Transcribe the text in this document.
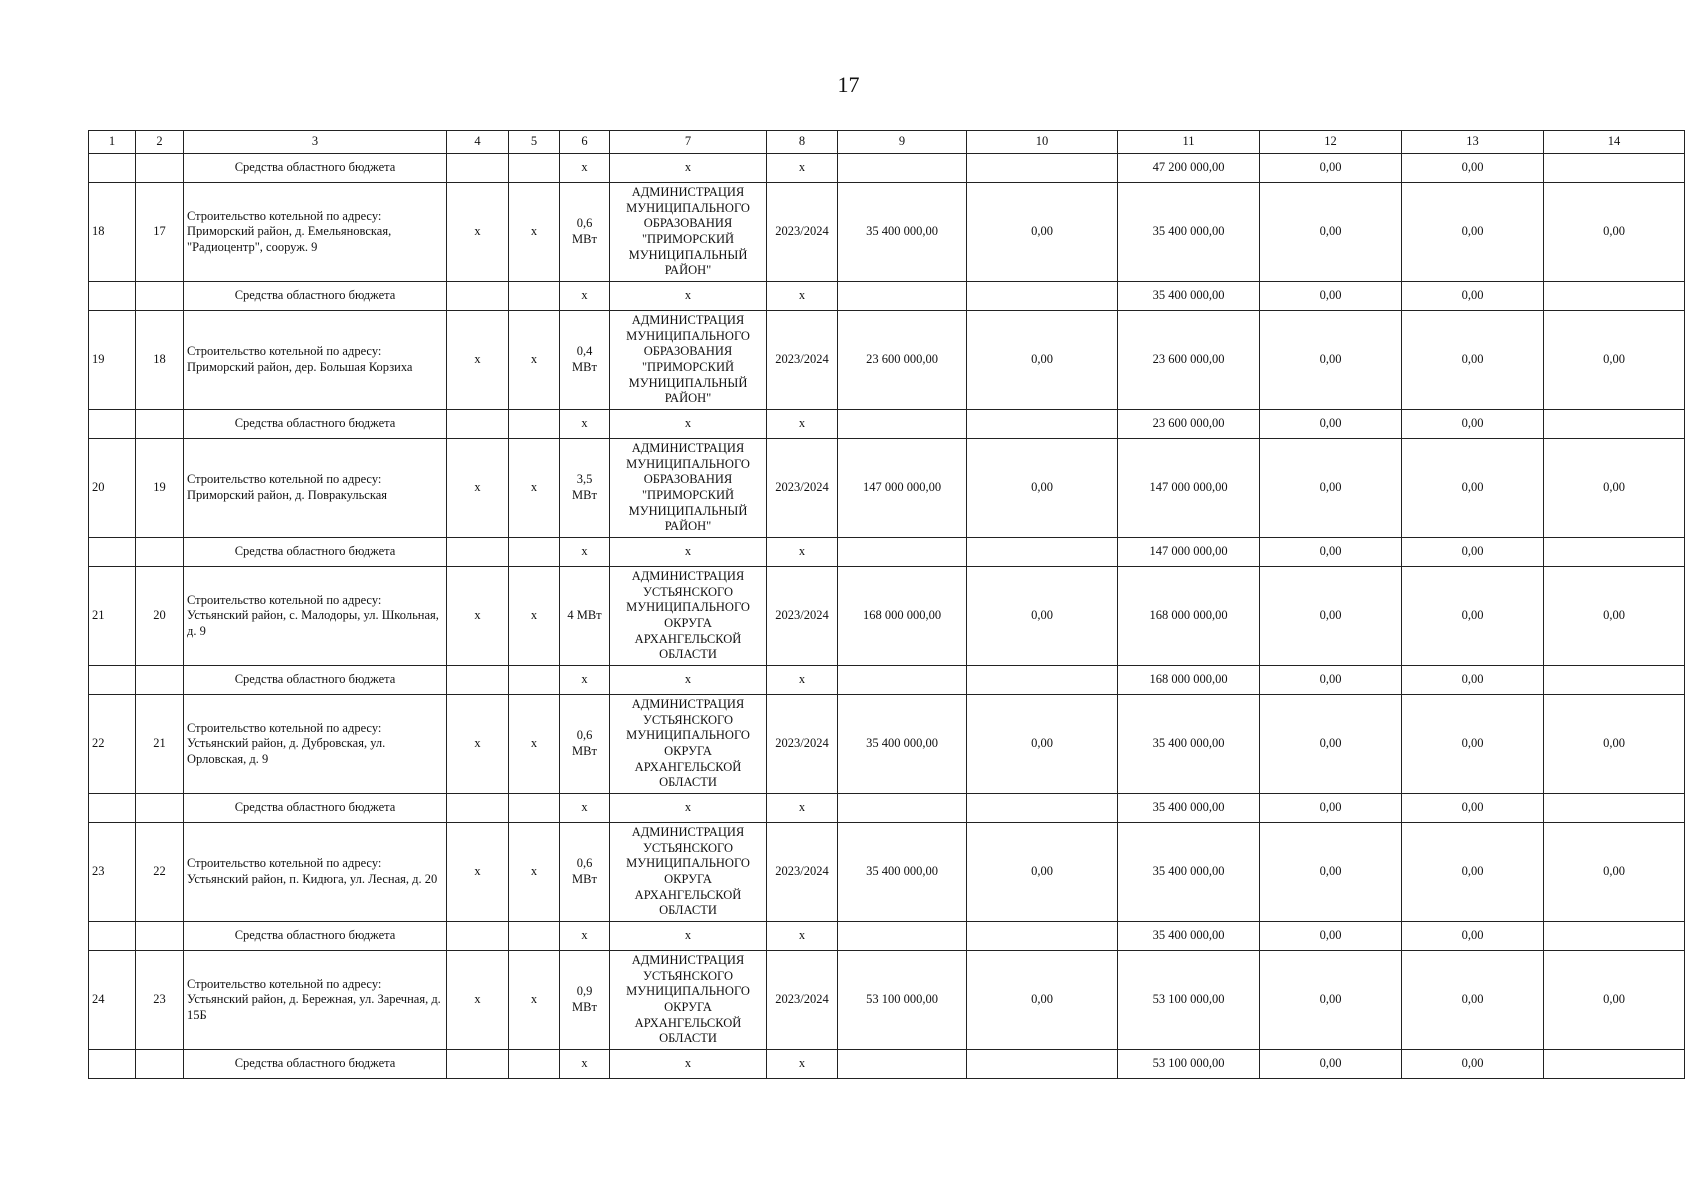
17
1	2	3	4	5	6	7	8	9	10	11	12	13	14
		Средства областного бюджета			x	x	x			47 200 000,00	0,00	0,00	
18	17	Строительство котельной по адресу: Приморский район, д. Емельяновская, "Радиоцентр", сооруж. 9	x	x	0,6 МВт	АДМИНИСТРАЦИЯ МУНИЦИПАЛЬНОГО ОБРАЗОВАНИЯ "ПРИМОРСКИЙ МУНИЦИПАЛЬНЫЙ РАЙОН"	2023/2024	35 400 000,00	0,00	35 400 000,00	0,00	0,00	0,00
		Средства областного бюджета			x	x	x			35 400 000,00	0,00	0,00	
19	18	Строительство котельной по адресу: Приморский район, дер. Большая Корзиха	x	x	0,4 МВт	АДМИНИСТРАЦИЯ МУНИЦИПАЛЬНОГО ОБРАЗОВАНИЯ "ПРИМОРСКИЙ МУНИЦИПАЛЬНЫЙ РАЙОН"	2023/2024	23 600 000,00	0,00	23 600 000,00	0,00	0,00	0,00
		Средства областного бюджета			x	x	x			23 600 000,00	0,00	0,00	
20	19	Строительство котельной по адресу: Приморский район, д. Повракульская	x	x	3,5 МВт	АДМИНИСТРАЦИЯ МУНИЦИПАЛЬНОГО ОБРАЗОВАНИЯ "ПРИМОРСКИЙ МУНИЦИПАЛЬНЫЙ РАЙОН"	2023/2024	147 000 000,00	0,00	147 000 000,00	0,00	0,00	0,00
		Средства областного бюджета			x	x	x			147 000 000,00	0,00	0,00	
21	20	Строительство котельной по адресу: Устьянский район, с. Малодоры, ул. Школьная, д. 9	x	x	4 МВт	АДМИНИСТРАЦИЯ УСТЬЯНСКОГО МУНИЦИПАЛЬНОГО ОКРУГА АРХАНГЕЛЬСКОЙ ОБЛАСТИ	2023/2024	168 000 000,00	0,00	168 000 000,00	0,00	0,00	0,00
		Средства областного бюджета			x	x	x			168 000 000,00	0,00	0,00	
22	21	Строительство котельной по адресу: Устьянский район, д. Дубровская, ул. Орловская, д. 9	x	x	0,6 МВт	АДМИНИСТРАЦИЯ УСТЬЯНСКОГО МУНИЦИПАЛЬНОГО ОКРУГА АРХАНГЕЛЬСКОЙ ОБЛАСТИ	2023/2024	35 400 000,00	0,00	35 400 000,00	0,00	0,00	0,00
		Средства областного бюджета			x	x	x			35 400 000,00	0,00	0,00	
23	22	Строительство котельной по адресу: Устьянский район, п. Кидюга, ул. Лесная, д. 20	x	x	0,6 МВт	АДМИНИСТРАЦИЯ УСТЬЯНСКОГО МУНИЦИПАЛЬНОГО ОКРУГА АРХАНГЕЛЬСКОЙ ОБЛАСТИ	2023/2024	35 400 000,00	0,00	35 400 000,00	0,00	0,00	0,00
		Средства областного бюджета			x	x	x			35 400 000,00	0,00	0,00	
24	23	Строительство котельной по адресу: Устьянский район, д. Бережная, ул. Заречная, д. 15Б	x	x	0,9 МВт	АДМИНИСТРАЦИЯ УСТЬЯНСКОГО МУНИЦИПАЛЬНОГО ОКРУГА АРХАНГЕЛЬСКОЙ ОБЛАСТИ	2023/2024	53 100 000,00	0,00	53 100 000,00	0,00	0,00	0,00
		Средства областного бюджета			x	x	x			53 100 000,00	0,00	0,00	
